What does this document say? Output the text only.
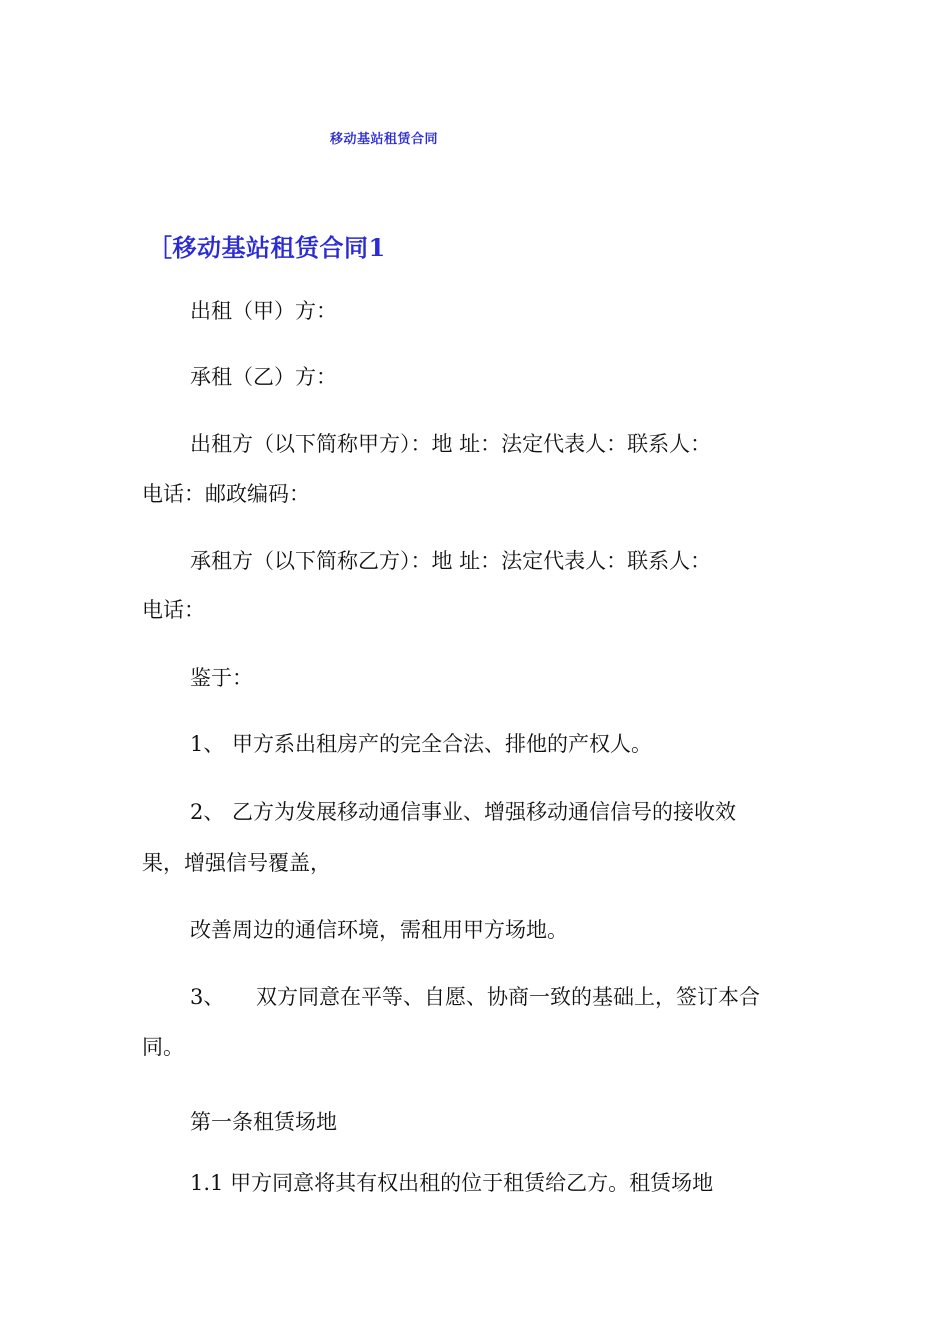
移动基站租赁合同
［移动基站租赁合同1
出租（甲）方：
承租（乙）方：
出租方（以下简称甲方）：地 址：法定代表人：联系人：
电话：邮政编码：
承租方（以下简称乙方）：地 址：法定代表人：联系人：
电话：
鉴于：
1、 甲方系出租房产的完全合法、排他的产权人。
2、 乙方为发展移动通信事业、增强移动通信信号的接收效
果，增强信号覆盖，
改善周边的通信环境，需租用甲方场地。
3、 双方同意在平等、自愿、协商一致的基础上，签订本合
同。
第一条租赁场地
1.1 甲方同意将其有权出租的位于租赁给乙方。租赁场地
